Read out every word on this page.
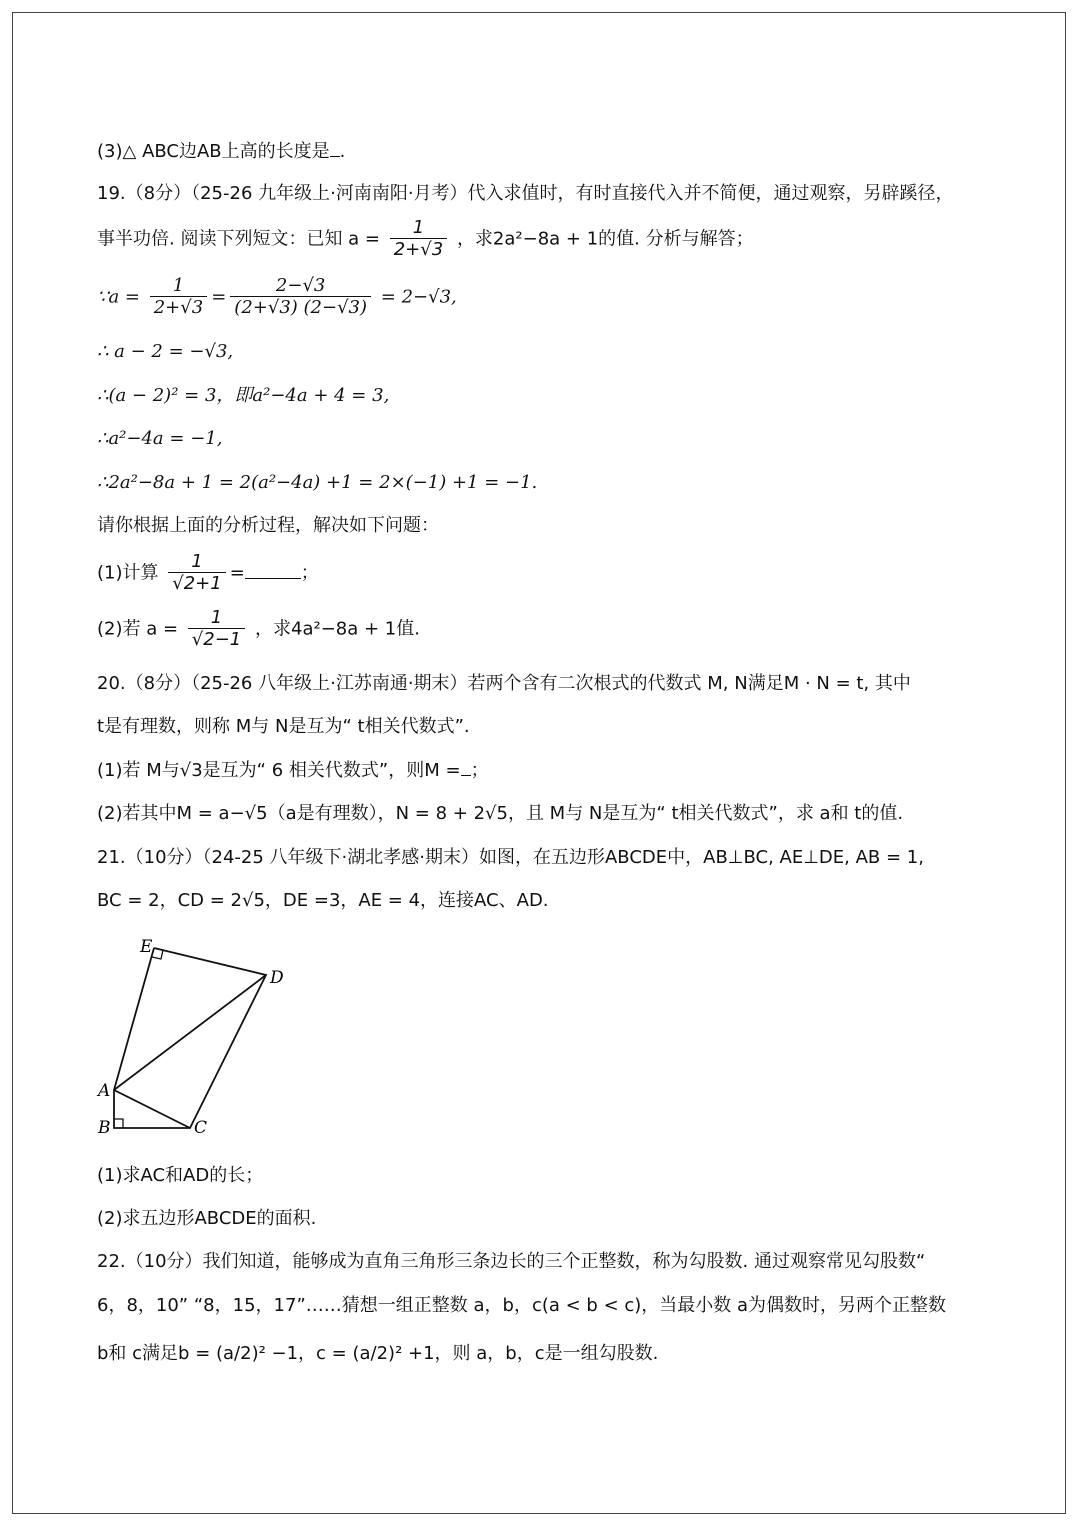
(3)△ ABC边AB上高的长度是 .
19.（8分）（25-26 九年级上·河南南阳·月考）代入求值时，有时直接代入并不简便，通过观察，另辟蹊径，
事半功倍. 阅读下列短文：已知 $a = \frac{1}{2+√3}$ ，求2a²−8a + 1的值. 分析与解答；
∵a = $\frac{1}{2+√3} = \frac{2-√3}{(2+√3) (2-√3)} = 2-√3$,
∴ a − 2 = −√3,
∴(a − 2)² = 3，即a²−4a + 4 = 3,
∴a²−4a = −1,
∴2a²−8a + 1 = 2(a²−4a) +1 = 2×(−1) +1 = −1.
请你根据上面的分析过程，解决如下问题：
(1)计算 $\frac{1}{√2+1}$ =	；
(2)若 $a = \frac{1}{√2-1}$ ，求4a²−8a + 1值.
20.（8分）（25-26 八年级上·江苏南通·期末）若两个含有二次根式的代数式 M, N满足M · N = t, 其中
t是有理数，则称 M与 N是互为“ t相关代数式”.
(1)若 M与√3是互为“ 6 相关代数式”，则M = ；
(2)若其中M = a−√5（a是有理数），N = 8 + 2√5，且 M与 N是互为“ t相关代数式”，求 a和 t的值.
21.（10分）（24-25 八年级下·湖北孝感·期末）如图，在五边形ABCDE中，AB⊥BC, AE⊥DE, AB = 1,
BC = 2，CD = 2√5，DE =3，AE = 4，连接AC、AD.
E
D
A
B	C
(1)求AC和AD的长；
(2)求五边形ABCDE的面积.
22.（10分）我们知道，能够成为直角三角形三条边长的三个正整数，称为勾股数. 通过观察常见勾股数“
6，8，10” “8，15，17”……猜想一组正整数 a，b，c(a < b < c)，当最小数 a为偶数时，另两个正整数
b和 c满足b = (a/2)² −1，c = (a/2)² +1，则 a，b，c是一组勾股数.
